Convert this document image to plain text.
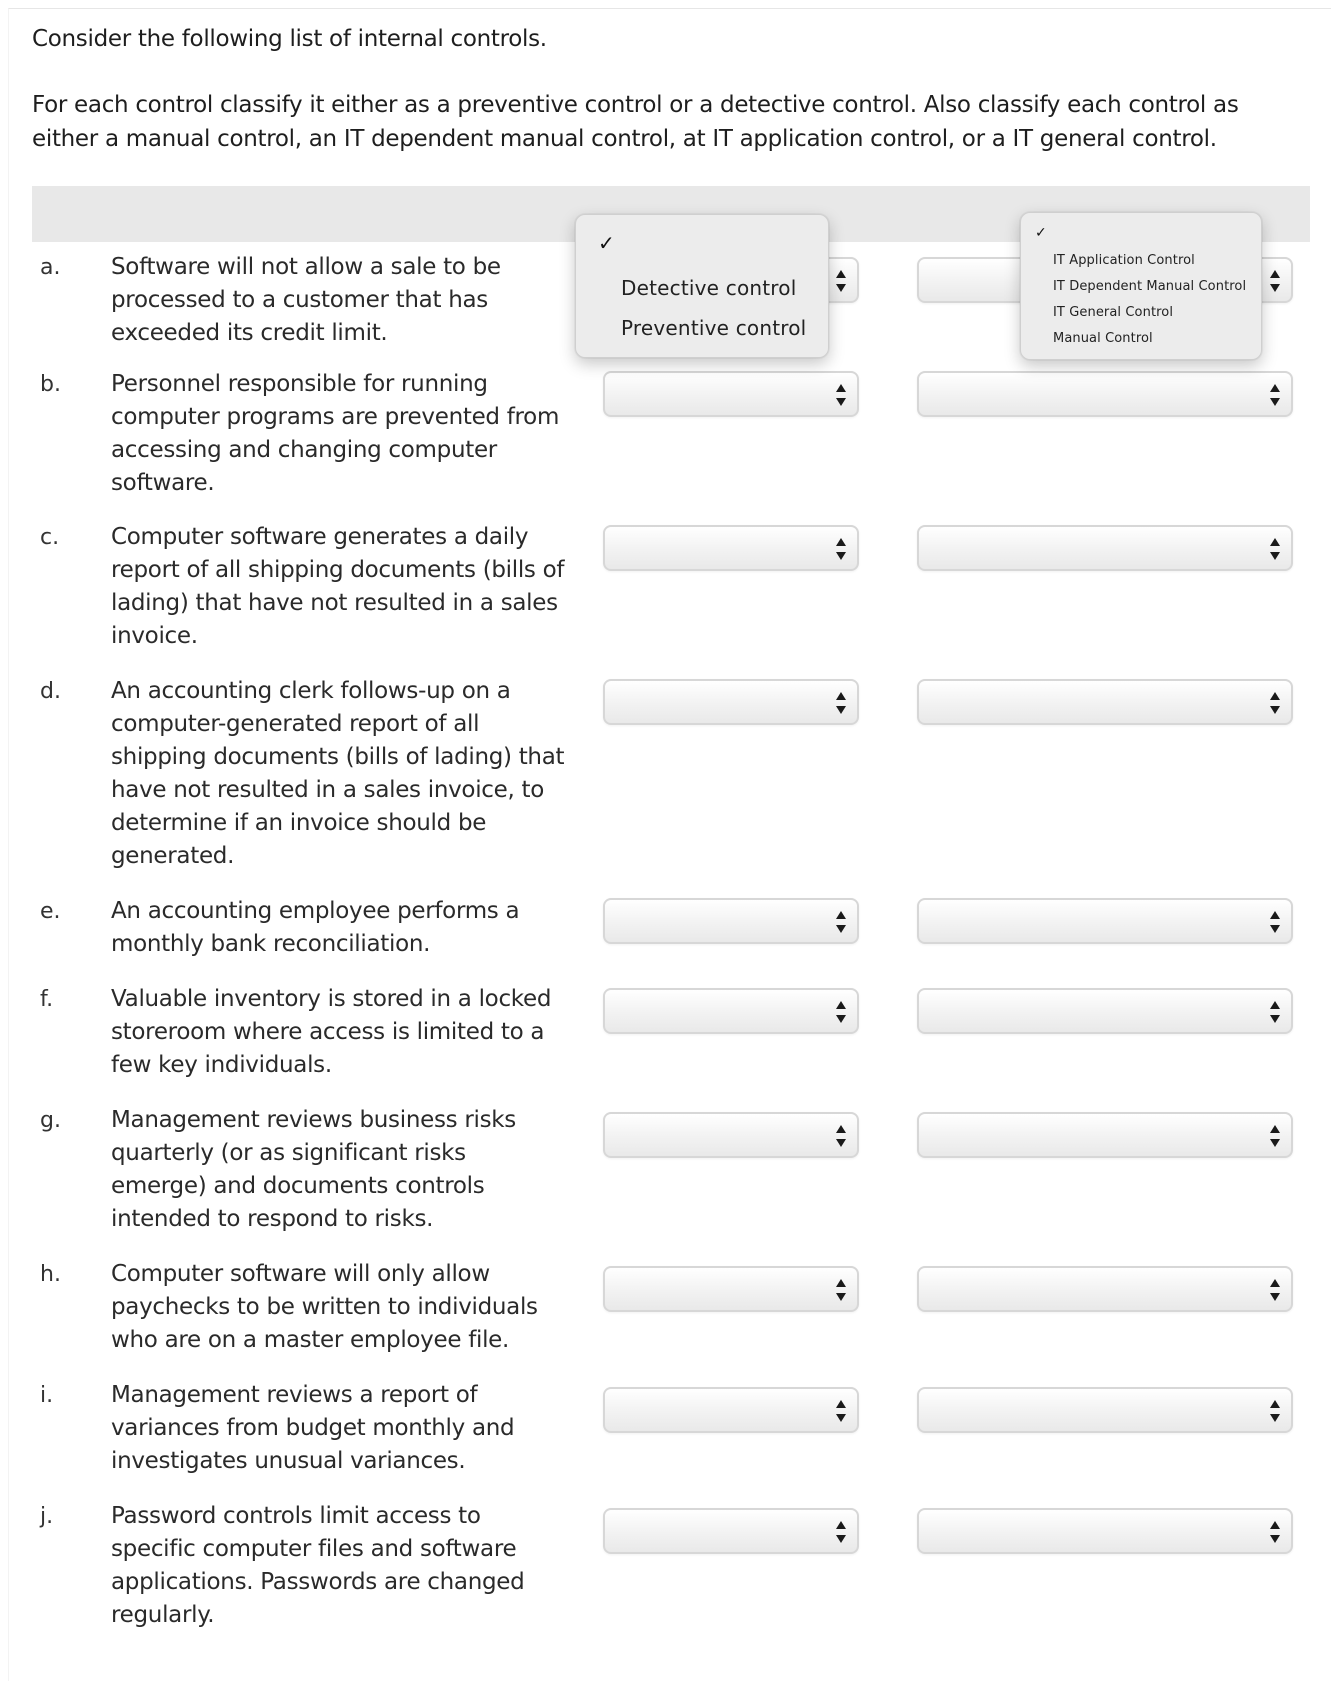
Consider the following list of internal controls.
For each control classify it either as a preventive control or a detective control. Also classify each control as either a manual control, an IT dependent manual control, at IT application control, or a IT general control.
a. Software will not allow a sale to be processed to a customer that has exceeded its credit limit.
b. Personnel responsible for running computer programs are prevented from accessing and changing computer software.
c. Computer software generates a daily report of all shipping documents (bills of lading) that have not resulted in a sales invoice.
d. An accounting clerk follows-up on a computer-generated report of all shipping documents (bills of lading) that have not resulted in a sales invoice, to determine if an invoice should be generated.
e. An accounting employee performs a monthly bank reconciliation.
f.	Valuable inventory is stored in a locked storeroom where access is limited to a few key individuals.
g. Management reviews business risks quarterly (or as significant risks emerge) and documents controls intended to respond to risks.
h. Computer software will only allow paychecks to be written to individuals who are on a master employee file.
i.	Management reviews a report of variances from budget monthly and investigates unusual variances.
j.	Password controls limit access to specific computer files and software applications. Passwords are changed regularly.
✓
Detective control
Preventive control
✓
IT Application Control
IT Dependent Manual Control
IT General Control
Manual Control
